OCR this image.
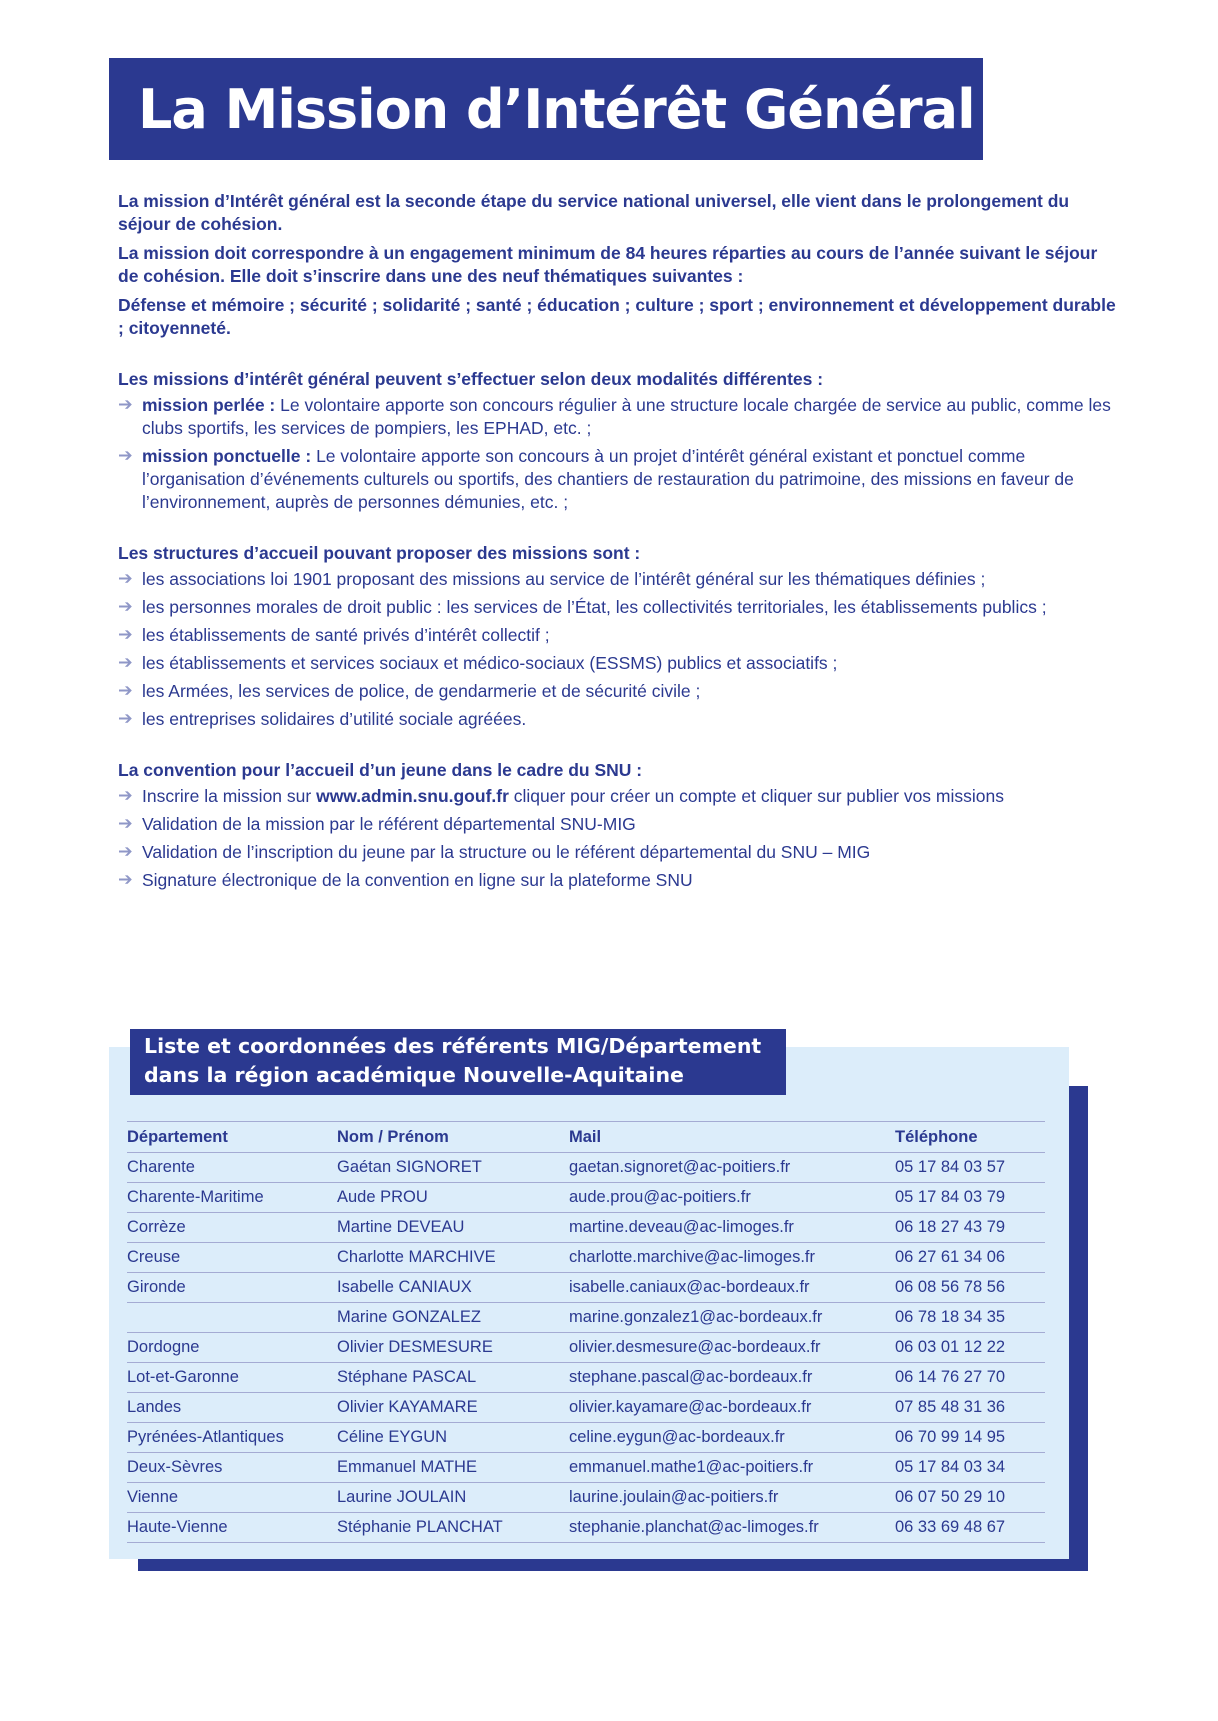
La Mission d’Intérêt Général

La mission d’Intérêt général est la seconde étape du service national universel, elle vient dans le prolongement du séjour de cohésion.

La mission doit correspondre à un engagement minimum de 84 heures réparties au cours de l’année suivant le séjour de cohésion. Elle doit s’inscrire dans une des neuf thématiques suivantes :

Défense et mémoire ; sécurité ; solidarité ; santé ; éducation ; culture ; sport ; environnement et développement durable ; citoyenneté.

Les missions d’intérêt général peuvent s’effectuer selon deux modalités différentes :

➔ mission perlée : Le volontaire apporte son concours régulier à une structure locale chargée de service au public, comme les clubs sportifs, les services de pompiers, les EPHAD, etc. ;
➔ mission ponctuelle : Le volontaire apporte son concours à un projet d’intérêt général existant et ponctuel comme l’organisation d’événements culturels ou sportifs, des chantiers de restauration du patrimoine, des missions en faveur de l’environnement, auprès de personnes démunies, etc. ;

Les structures d’accueil pouvant proposer des missions sont :

➔ les associations loi 1901 proposant des missions au service de l’intérêt général sur les thématiques définies ;
➔ les personnes morales de droit public : les services de l’État, les collectivités territoriales, les établissements publics ;
➔ les établissements de santé privés d’intérêt collectif ;
➔ les établissements et services sociaux et médico-sociaux (ESSMS) publics et associatifs ;
➔ les Armées, les services de police, de gendarmerie et de sécurité civile ;
➔ les entreprises solidaires d’utilité sociale agréées.

La convention pour l’accueil d’un jeune dans le cadre du SNU :

➔ Inscrire la mission sur www.admin.snu.gouf.fr cliquer pour créer un compte et cliquer sur publier vos missions
➔ Validation de la mission par le référent départemental SNU-MIG
➔ Validation de l’inscription du jeune par la structure ou le référent départemental du SNU – MIG
➔ Signature électronique de la convention en ligne sur la plateforme SNU
Liste et coordonnées des référents MIG/Département
dans la région académique Nouvelle-Aquitaine
Département	Nom / Prénom	Mail	Téléphone
Charente	Gaétan SIGNORET	gaetan.signoret@ac-poitiers.fr	05 17 84 03 57
Charente-Maritime	Aude PROU	aude.prou@ac-poitiers.fr	05 17 84 03 79
Corrèze	Martine DEVEAU	martine.deveau@ac-limoges.fr	06 18 27 43 79
Creuse	Charlotte MARCHIVE	charlotte.marchive@ac-limoges.fr	06 27 61 34 06
Gironde	Isabelle CANIAUX	isabelle.caniaux@ac-bordeaux.fr	06 08 56 78 56
	Marine GONZALEZ	marine.gonzalez1@ac-bordeaux.fr	06 78 18 34 35
Dordogne	Olivier DESMESURE	olivier.desmesure@ac-bordeaux.fr	06 03 01 12 22
Lot-et-Garonne	Stéphane PASCAL	stephane.pascal@ac-bordeaux.fr	06 14 76 27 70
Landes	Olivier KAYAMARE	olivier.kayamare@ac-bordeaux.fr	07 85 48 31 36
Pyrénées-Atlantiques	Céline EYGUN	celine.eygun@ac-bordeaux.fr	06 70 99 14 95
Deux-Sèvres	Emmanuel MATHE	emmanuel.mathe1@ac-poitiers.fr	05 17 84 03 34
Vienne	Laurine JOULAIN	laurine.joulain@ac-poitiers.fr	06 07 50 29 10
Haute-Vienne	Stéphanie PLANCHAT	stephanie.planchat@ac-limoges.fr	06 33 69 48 67
